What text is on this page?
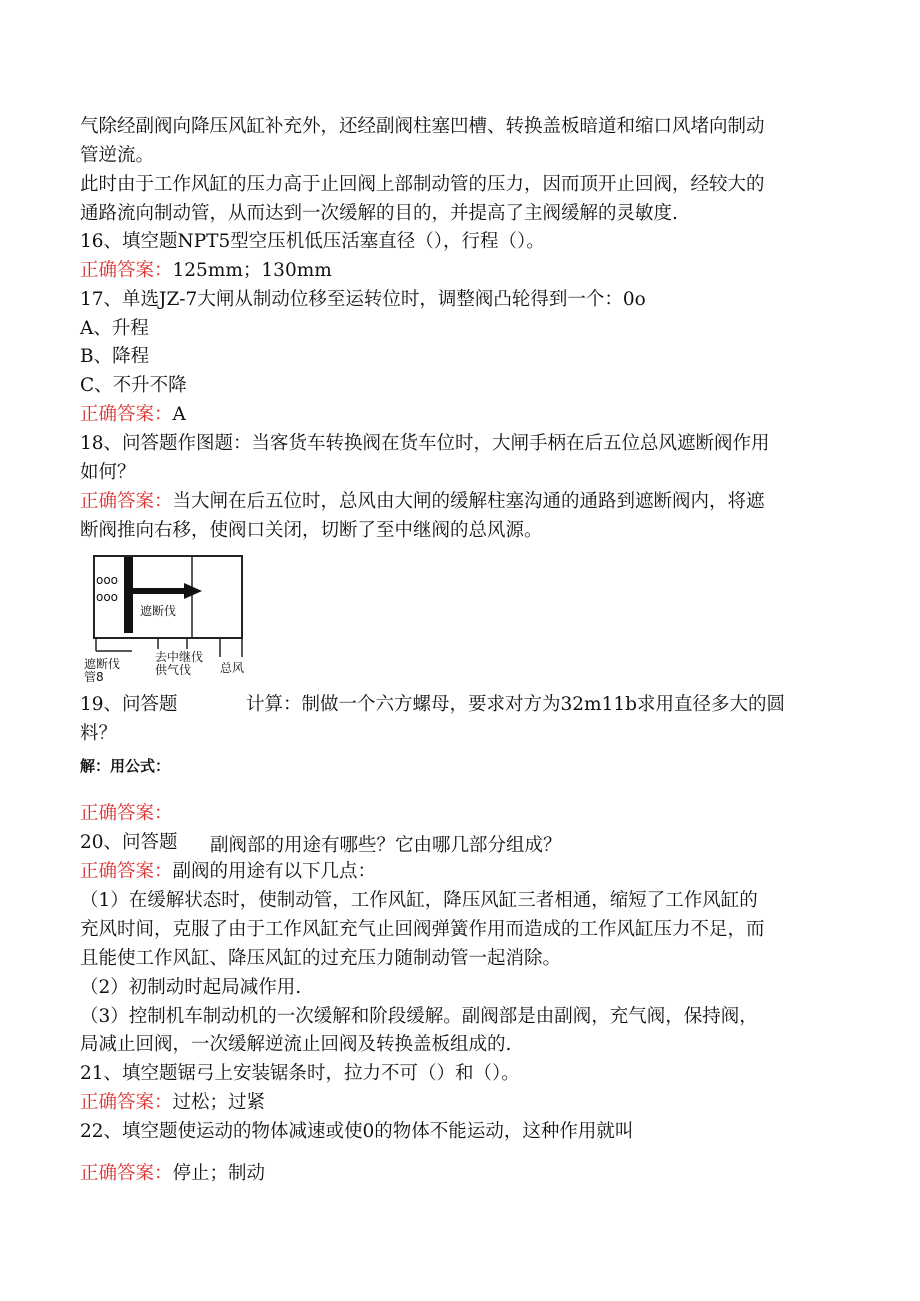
气除经副阀向降压风缸补充外，还经副阀柱塞凹槽、转换盖板暗道和缩口风堵向制动
管逆流。
此时由于工作风缸的压力高于止回阀上部制动管的压力，因而顶开止回阀，经较大的
通路流向制动管，从而达到一次缓解的目的，并提高了主阀缓解的灵敏度.
16、填空题NPT5型空压机低压活塞直径（），行程（）。
正确答案：125mm；130mm
17、单选JZ-7大闸从制动位移至运转位时，调整阀凸轮得到一个：0o
A、升程
B、降程
C、不升不降
正确答案：A
18、问答题作图题：当客货车转换阀在货车位时，大闸手柄在后五位总风遮断阀作用
如何？
正确答案：当大闸在后五位时，总风由大闸的缓解柱塞沟通的通路到遮断阀内，将遮
断阀推向右移，使阀口关闭，切断了至中继阀的总风源。
ooo
ooo
遮断伐
遮断伐
管8
去中继伐
供气伐 总风
19、问答题	计算：制做一个六方螺母，要求对方为32m11b求用直径多大的圆
料？
解：用公式：
正确答案：
20、问答题	副阀部的用途有哪些？它由哪几部分组成？
正确答案：副阀的用途有以下几点：
（1）在缓解状态时，使制动管，工作风缸，降压风缸三者相通，缩短了工作风缸的
充风时间，克服了由于工作风缸充气止回阀弹簧作用而造成的工作风缸压力不足，而
且能使工作风缸、降压风缸的过充压力随制动管一起消除。
（2）初制动时起局减作用.
（3）控制机车制动机的一次缓解和阶段缓解。副阀部是由副阀，充气阀，保持阀，
局减止回阀，一次缓解逆流止回阀及转换盖板组成的.
21、填空题锯弓上安装锯条时，拉力不可（）和（）。
正确答案：过松；过紧
22、填空题使运动的物体减速或使0的物体不能运动，这种作用就叫
正确答案：停止；制动
